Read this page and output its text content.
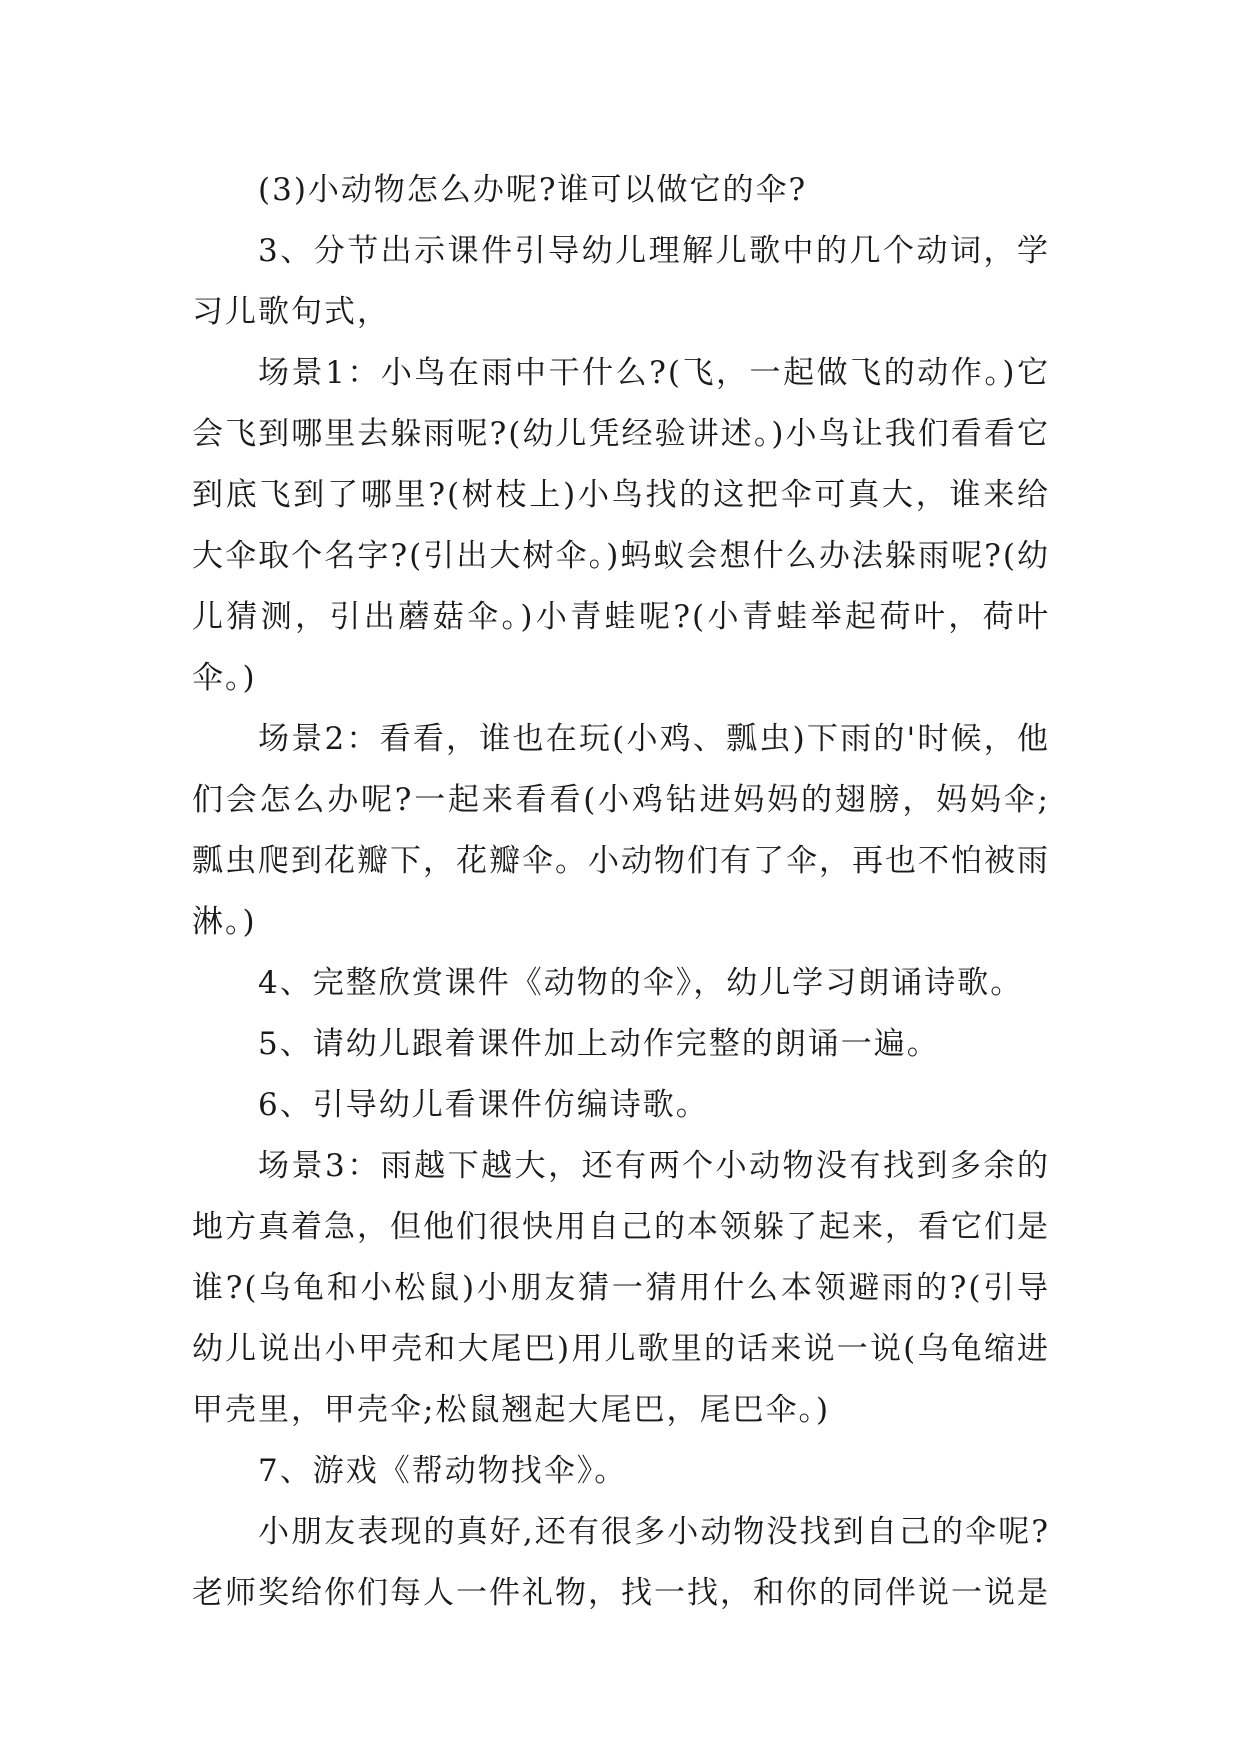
(3)小动物怎么办呢?谁可以做它的伞?

3、分节出示课件引导幼儿理解儿歌中的几个动词，学习儿歌句式，

场景1：小鸟在雨中干什么?(飞，一起做飞的动作。)它会飞到哪里去躲雨呢?(幼儿凭经验讲述。)小鸟让我们看看它到底飞到了哪里?(树枝上)小鸟找的这把伞可真大，谁来给大伞取个名字?(引出大树伞。)蚂蚁会想什么办法躲雨呢?(幼儿猜测，引出蘑菇伞。)小青蛙呢?(小青蛙举起荷叶，荷叶伞。)

场景2：看看，谁也在玩(小鸡、瓢虫)下雨的'时候，他们会怎么办呢?一起来看看(小鸡钻进妈妈的翅膀，妈妈伞;瓢虫爬到花瓣下，花瓣伞。小动物们有了伞，再也不怕被雨淋。)

4、完整欣赏课件《动物的伞》，幼儿学习朗诵诗歌。

5、请幼儿跟着课件加上动作完整的朗诵一遍。

6、引导幼儿看课件仿编诗歌。

场景3：雨越下越大，还有两个小动物没有找到多余的地方真着急，但他们很快用自己的本领躲了起来，看它们是谁?(乌龟和小松鼠)小朋友猜一猜用什么本领避雨的?(引导幼儿说出小甲壳和大尾巴)用儿歌里的话来说一说(乌龟缩进甲壳里，甲壳伞;松鼠翘起大尾巴，尾巴伞。)

7、游戏《帮动物找伞》。

小朋友表现的真好,还有很多小动物没找到自己的伞呢?老师奖给你们每人一件礼物，找一找，和你的同伴说一说是
